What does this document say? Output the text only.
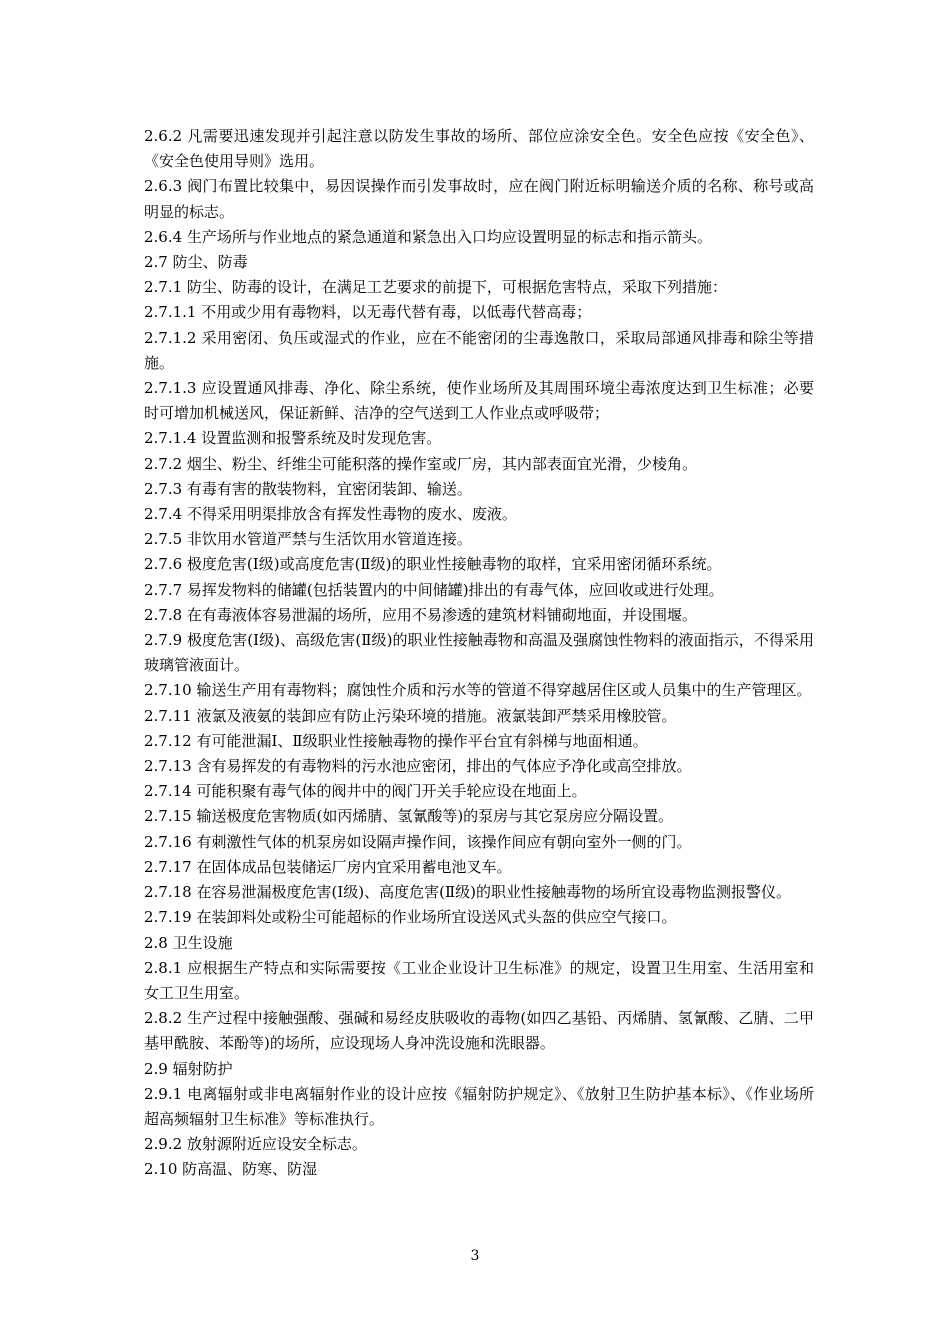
2.6.2 凡需要迅速发现并引起注意以防发生事故的场所、部位应涂安全色。安全色应按《安全色》、《安全色使用导则》选用。

2.6.3 阀门布置比较集中，易因误操作而引发事故时，应在阀门附近标明输送介质的名称、称号或高明显的标志。

2.6.4 生产场所与作业地点的紧急通道和紧急出入口均应设置明显的标志和指示箭头。

2.7 防尘、防毒

2.7.1 防尘、防毒的设计，在满足工艺要求的前提下，可根据危害特点，采取下列措施：

2.7.1.1 不用或少用有毒物料，以无毒代替有毒，以低毒代替高毒；

2.7.1.2 采用密闭、负压或湿式的作业，应在不能密闭的尘毒逸散口，采取局部通风排毒和除尘等措施。

2.7.1.3 应设置通风排毒、净化、除尘系统，使作业场所及其周围环境尘毒浓度达到卫生标准；必要时可增加机械送风，保证新鲜、洁净的空气送到工人作业点或呼吸带；

2.7.1.4 设置监测和报警系统及时发现危害。

2.7.2 烟尘、粉尘、纤维尘可能积落的操作室或厂房，其内部表面宜光滑，少棱角。

2.7.3 有毒有害的散装物料，宜密闭装卸、输送。

2.7.4 不得采用明渠排放含有挥发性毒物的废水、废液。

2.7.5 非饮用水管道严禁与生活饮用水管道连接。

2.7.6 极度危害(Ⅰ级)或高度危害(Ⅱ级)的职业性接触毒物的取样，宜采用密闭循环系统。

2.7.7 易挥发物料的储罐(包括装置内的中间储罐)排出的有毒气体，应回收或进行处理。

2.7.8 在有毒液体容易泄漏的场所，应用不易渗透的建筑材料铺砌地面，并设围堰。

2.7.9 极度危害(Ⅰ级)、高级危害(Ⅱ级)的职业性接触毒物和高温及强腐蚀性物料的液面指示，不得采用玻璃管液面计。

2.7.10 输送生产用有毒物料；腐蚀性介质和污水等的管道不得穿越居住区或人员集中的生产管理区。

2.7.11 液氯及液氨的装卸应有防止污染环境的措施。液氯装卸严禁采用橡胶管。

2.7.12 有可能泄漏Ⅰ、Ⅱ级职业性接触毒物的操作平台宜有斜梯与地面相通。

2.7.13 含有易挥发的有毒物料的污水池应密闭，排出的气体应予净化或高空排放。

2.7.14 可能积聚有毒气体的阀井中的阀门开关手轮应设在地面上。

2.7.15 输送极度危害物质(如丙烯腈、氢氰酸等)的泵房与其它泵房应分隔设置。

2.7.16 有刺激性气体的机泵房如设隔声操作间，该操作间应有朝向室外一侧的门。

2.7.17 在固体成品包装储运厂房内宜采用蓄电池叉车。

2.7.18 在容易泄漏极度危害(Ⅰ级)、高度危害(Ⅱ级)的职业性接触毒物的场所宜设毒物监测报警仪。

2.7.19 在装卸料处或粉尘可能超标的作业场所宜设送风式头盔的供应空气接口。

2.8 卫生设施

2.8.1 应根据生产特点和实际需要按《工业企业设计卫生标准》的规定，设置卫生用室、生活用室和女工卫生用室。

2.8.2 生产过程中接触强酸、强碱和易经皮肤吸收的毒物(如四乙基铅、丙烯腈、氢氰酸、乙腈、二甲基甲酰胺、苯酚等)的场所，应设现场人身冲洗设施和洗眼器。

2.9 辐射防护

2.9.1 电离辐射或非电离辐射作业的设计应按《辐射防护规定》、《放射卫生防护基本标》、《作业场所超高频辐射卫生标准》等标准执行。

2.9.2 放射源附近应设安全标志。

2.10 防高温、防寒、防湿

3
